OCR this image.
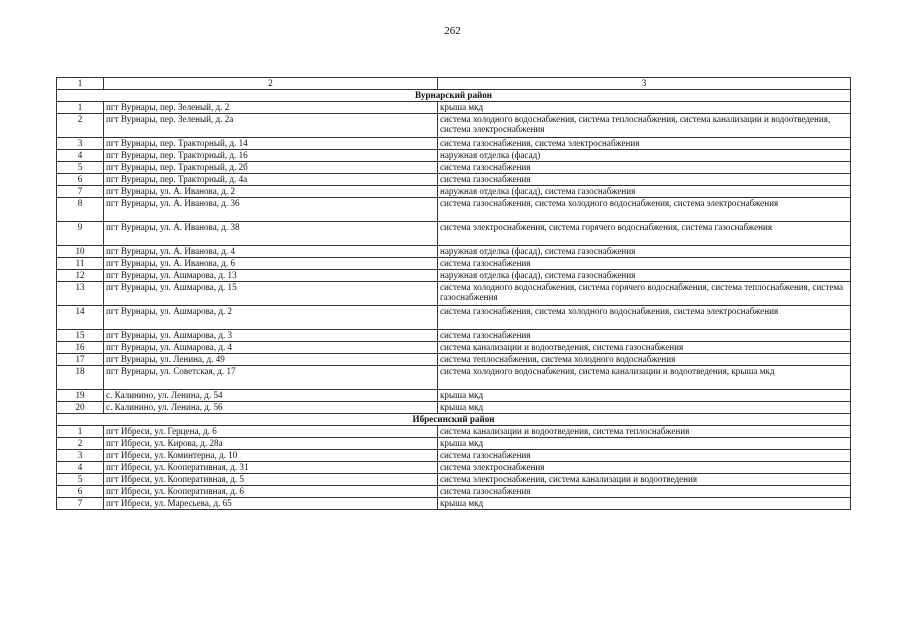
262
1	2	3
Вурнарский район		
1	пгт Вурнары, пер. Зеленый, д. 2	крыша мкд
2	пгт Вурнары, пер. Зеленый, д. 2а	система холодного водоснабжения, система теплоснабжения, система канализации и водоотведения, система электроснабжения
3	пгт Вурнары, пер. Тракторный, д. 14	система газоснабжения, система электроснабжения
4	пгт Вурнары, пер. Тракторный, д. 16	наружная отделка (фасад)
5	пгт Вурнары, пер. Тракторный, д. 2б	система газоснабжения
6	пгт Вурнары, пер. Тракторный, д. 4а	система газоснабжения
7	пгт Вурнары, ул. А. Иванова, д. 2	наружная отделка (фасад), система газоснабжения
8	пгт Вурнары, ул. А. Иванова, д. 36	система газоснабжения, система холодного водоснабжения, система электроснабжения
9	пгт Вурнары, ул. А. Иванова, д. 38	система электроснабжения, система горячего водоснабжения, система газоснабжения
10	пгт Вурнары, ул. А. Иванова, д. 4	наружная отделка (фасад), система газоснабжения
11	пгт Вурнары, ул. А. Иванова, д. 6	система газоснабжения
12	пгт Вурнары, ул. Ашмарова, д. 13	наружная отделка (фасад), система газоснабжения
13	пгт Вурнары, ул. Ашмарова, д. 15	система холодного водоснабжения, система горячего водоснабжения, система теплоснабжения, система газоснабжения
14	пгт Вурнары, ул. Ашмарова, д. 2	система газоснабжения, система холодного водоснабжения, система электроснабжения
15	пгт Вурнары, ул. Ашмарова, д. 3	система газоснабжения
16	пгт Вурнары, ул. Ашмарова, д. 4	система канализации и водоотведения, система газоснабжения
17	пгт Вурнары, ул. Ленина, д. 49	система теплоснабжения, система холодного водоснабжения
18	пгт Вурнары, ул. Советская, д. 17	система холодного водоснабжения, система канализации и водоотведения, крыша мкд
19	с. Калинино, ул. Ленина, д. 54	крыша мкд
20	с. Калинино, ул. Ленина, д. 56	крыша мкд
Ибресинский район		
1	пгт Ибреси, ул. Герцена, д. 6	система канализации и водоотведения, система теплоснабжения
2	пгт Ибреси, ул. Кирова, д. 28а	крыша мкд
3	пгт Ибреси, ул. Коминтерна, д. 10	система газоснабжения
4	пгт Ибреси, ул. Кооперативная, д. 31	система электроснабжения
5	пгт Ибреси, ул. Кооперативная, д. 5	система электроснабжения, система канализации и водоотведения
6	пгт Ибреси, ул. Кооперативная, д. 6	система газоснабжения
7	пгт Ибреси, ул. Маресьева, д. 65	крыша мкд
